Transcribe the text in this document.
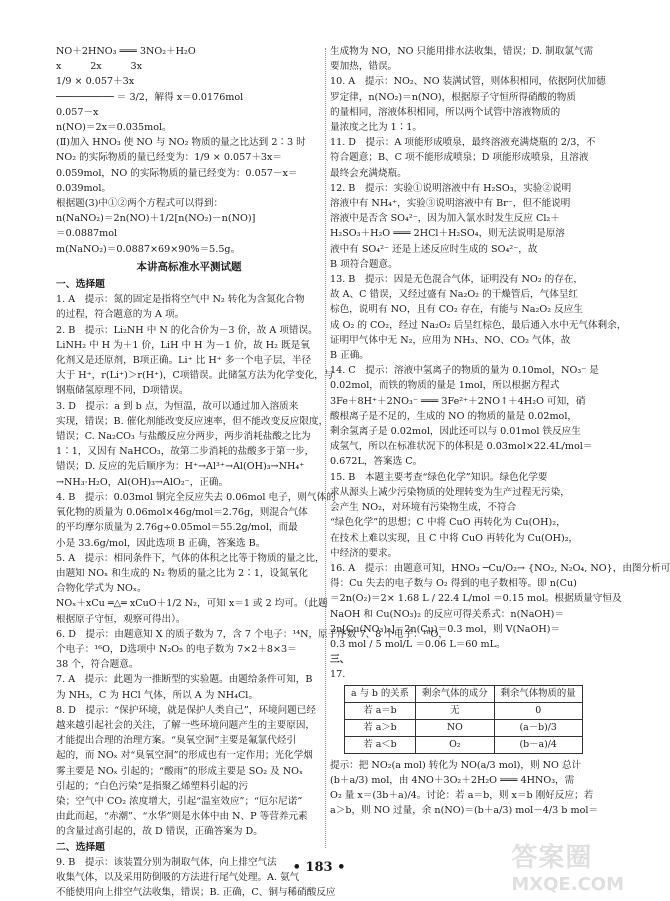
NO＋2HNO₃ ═══ 3NO₂＋H₂O
x　　　2x　　　3x
1/9 × 0.057＋3x
────────── ＝ 3/2，解得 x＝0.0176mol
0.057－x
n(NO)＝2x＝0.035mol。
(Ⅱ)加入 HNO₃ 使 NO 与 NO₂ 物质的量之比达到 2∶3 时
NO₂ 的实际物质的量已经变为：1/9 × 0.057＋3x＝
0.059mol，NO 的实际物质的量已经变为：0.057－x＝
0.039mol。
根据题(3)中①②两个方程式可以得到：
n(NaNO₂)＝2n(NO)＋1/2[n(NO₂)－n(NO)]
＝0.0887mol
m(NaNO₂)＝0.0887×69×90%＝5.5g。
本讲高标准水平测试题
一、选择题
1. A　提示：氮的固定是指将空气中 N₂ 转化为含氮化合物
的过程，符合题意的为 A 项。
2. B　提示：Li₂NH 中 N 的化合价为－3 价，故 A 项错误。
LiNH₂ 中 H 为＋1 价，LiH 中 H 为－1 价，故 H₂ 既是氧
化剂又是还原剂，B项正确。Li⁺ 比 H⁺ 多一个电子层，半径
大于 H⁺，r(Li⁺)＞r(H⁺)，C项错误。此储氢方法为化学变化，与
钢瓶储氢原理不同，D项错误。
3. D　提示：a 到 b 点，为恒温，故可以通过加入溶质来
实现，错误；B. 催化剂能改变反应速率，但不能改变反应限度，
错误；C. Na₂CO₃ 与盐酸反应分两步，两步消耗盐酸之比为
1∶1，又因有 NaHCO₃，故第二步消耗的盐酸多于第一步，
错误；D. 反应的先后顺序为：H⁺→Al³⁺→Al(OH)₃→NH₄⁺
→NH₃·H₂O，Al(OH)₃→AlO₂⁻，正确。
4. B　提示：0.03mol 铜完全反应失去 0.06mol 电子，则气体的
氧化物的质量为 0.06mol×46g/mol＝2.76g，则混合气体
的平均摩尔质量为 2.76g÷0.05mol＝55.2g/mol，而最
小是 33.6g/mol，因此选项 B 正确，答案选 B。
5. A　提示：相同条件下，气体的体积之比等于物质的量之比，
由题知 NOₓ 和生成的 N₂ 物质的量之比为 2∶1，设氮氧化
合物化学式为 NOₓ。
NOₓ＋xCu ═△═ xCuO＋1/2 N₂，可知 x＝1 或 2 均可。（此题
根据原子守恒，观察可得出）。
6. D　提示：由题意知 X 的质子数为 7，含 7 个电子：¹⁴N，原子序数 7、8 个电子：¹⁶O，
个电子：¹⁶O，D选项中 N₂O₅ 的电子数为 7×2＋8×3＝
38 个，符合题意。
7. A　提示：此题为一推断型的实验题。由题给条件可知，B
为 NH₃，C 为 HCl 气体，所以 A 为 NH₄Cl。
8. D　提示：“保护环境，就是保护人类自己”，环境问题已经
越来越引起社会的关注，了解一些环境问题产生的主要原因，
才能提出合理的治理方案。“臭氧空洞”主要是氟氯代烃引
起的，而 NOₓ 对“臭氧空洞”的形成也有一定作用；光化学烟
雾主要是 NOₓ 引起的；“酸雨”的形成主要是 SO₂ 及 NOₓ
引起的；“白色污染”是指聚乙烯塑料引起的污
染；空气中 CO₂ 浓度增大，引起“温室效应”；“厄尔尼诺”
由此而起，“赤潮”、“水华”则是水体中由 N、P 等营养元素
的含量过高引起的，故 D 错误，正确答案为 D。
二、选择题
9. B　提示：该装置分别为制取气体，向上排空气法
收集气体，以及采用防倒吸的方法进行尾气处理。A. 氨气
不能使用向上排空气法收集，错误；B. 正确，C、铜与稀硝酸反应
生成物为 NO，NO 只能用排水法收集，错误；D. 制取氯气需
要加热，错误。
10. A　提示：NO₂、NO 装满试管，则体积相同，依据阿伏加德
罗定律，n(NO₂)＝n(NO)，根据原子守恒所得硝酸的物质
的量相同，溶液体积相同，所以两个试管中溶液物质的
量浓度之比为 1∶1。
11. D　提示：A 项能形成喷泉，最终溶液充满烧瓶的 2/3，不
符合题意；B、C 项不能形成喷泉；D 项能形成喷泉，且溶液
最终会充满烧瓶。
12. B　提示：实验①说明溶液中有 H₂SO₃，实验②说明
溶液中有 NH₄⁺，实验③说明溶液中有 Br⁻，但不能说明
溶液中是否含 SO₄²⁻，因为加入氯水时发生反应 Cl₂＋
H₂SO₃＋H₂O ═══ 2HCl＋H₂SO₄，则无法说明是原溶
液中有 SO₄²⁻ 还是上述反应时生成的 SO₄²⁻，故
B 项符合题意。
13. B　提示：因是无色混合气体，证明没有 NO₂ 的存在，
故 A、C 错误，又经过盛有 Na₂O₂ 的干燥管后，气体呈红
棕色，说明有 NO，且有 CO₂ 存在，有能与 Na₂O₂ 反应生
成 O₂ 的 CO₂，经过 Na₂O₂ 后呈红棕色，最后通入水中无气体剩余，
证明甲气体中无 N₂，应用为 NH₃、NO、CO₂ 气体，故
B 正确。
14. C　提示：溶液中氢离子的物质的量为 0.10mol，NO₃⁻ 是
0.02mol，而铁的物质的量是 1mol，所以根据方程式
3Fe＋8H⁺＋2NO₃⁻ ═══ 3Fe²⁺＋2NO↑＋4H₂O 可知，硝
酸根离子是不足的，生成的 NO 的物质的量是 0.02mol，
剩余氢离子是 0.02mol，因此还可以与 0.01mol 铁反应生
成氢气，所以在标准状况下的体积是 0.03mol×22.4L/mol＝
0.672L，答案选 C。
15. B　本题主要考查“绿色化学”知识。绿色化学要
求从源头上减少污染物质的处理转变为生产过程无污染，
会产生 NO₂，对环境有污染物生成，不符合
“绿色化学”的思想；C 中将 CuO 再转化为 Cu(OH)₂，
在技术上难以实现，且 C 中将 CuO 再转化为 Cu(OH)₂，
中经济的要求。
16. A　提示：由题意可知，HNO₃ ─Cu/O₂→ {NO₂, N₂O₄, NO}，由图分析可
得：Cu 失去的电子数与 O₂ 得到的电子数相等。即 n(Cu)
＝2n(O₂)＝2× 1.68 L / 22.4 L/mol ＝0.15 mol。根据质量守恒及
NaOH 和 Cu(NO₃)₂ 的反应可得关系式：n(NaOH)＝
2n[Cu(NO₃)₂]＝2n(Cu)＝0.3 mol，则 V(NaOH)＝
0.3 mol / 5 mol/L ＝0.06 L＝60 mL。
三、
17.
a 与 b 的关系	剩余气体的成分	剩余气体物质的量
若 a＝b	无	0
若 a＞b	NO	(a－b)/3
若 a＜b	O₂	(b－a)/4
提示：把 NO₂(a mol) 转化为 NO(a/3 mol)，则 NO 总计
(b＋a/3) mol，由 4NO＋3O₂＋2H₂O ═══ 4HNO₃，需
O₂ 量 x＝(3b＋a)/4。讨论：若 a＝b，则 x＝b 刚好反应；若
a＞b，则 NO 过量，余 n(NO)＝(b＋a/3) mol－4/3 b mol＝
• 183 •	答案圈
MXQE.COM
